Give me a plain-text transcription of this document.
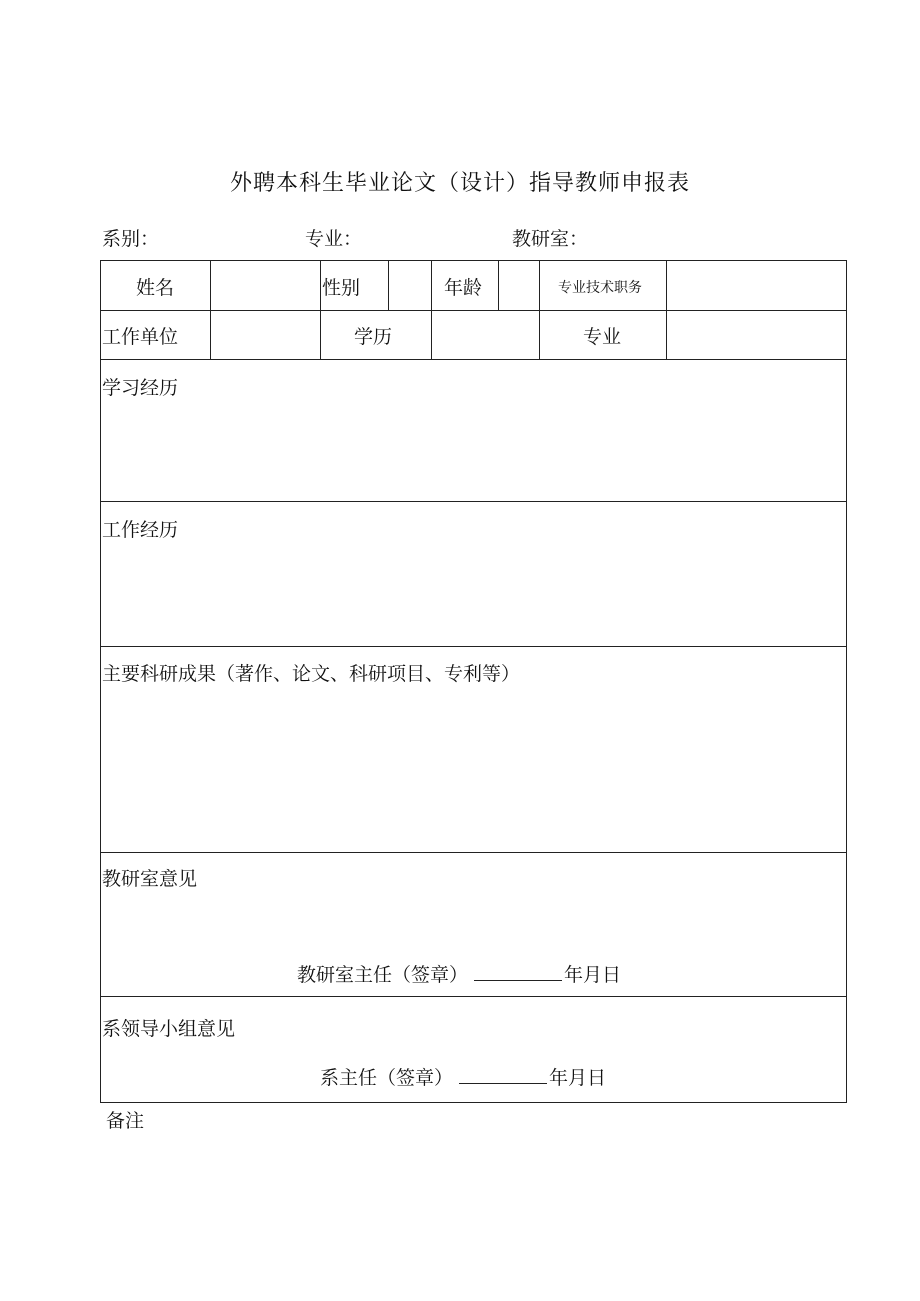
外聘本科生毕业论文（设计）指导教师申报表
系别：	专业：	教研室：
姓名	性别	年龄	专业技术职务
工作单位	学历	专业
学习经历
工作经历
主要科研成果（著作、论文、科研项目、专利等）
教研室意见
系领导小组意见
教研室主任（签章）	年月日
系主任（签章）	年月日
备注
